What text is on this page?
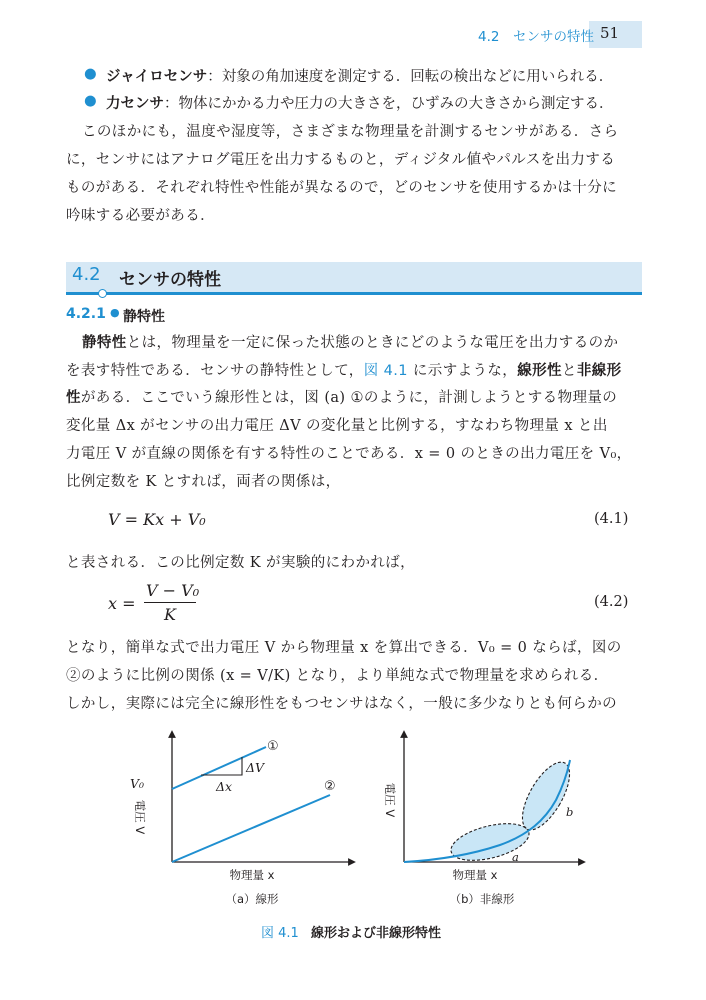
4.2　センサの特性 51
● ジャイロセンサ：対象の角加速度を測定する．回転の検出などに用いられる．
● 力センサ：物体にかかる力や圧力の大きさを，ひずみの大きさから測定する．
このほかにも，温度や湿度等，さまざまな物理量を計測するセンサがある．さら
に，センサにはアナログ電圧を出力するものと，ディジタル値やパルスを出力する
ものがある．それぞれ特性や性能が異なるので，どのセンサを使用するかは十分に
吟味する必要がある．
4.2 センサの特性
4.2.1 ● 静特性
静特性とは，物理量を一定に保った状態のときにどのような電圧を出力するのか
を表す特性である．センサの静特性として，図 4.1 に示すような，線形性と非線形
性がある．ここでいう線形性とは，図 (a) ①のように，計測しようとする物理量の
変化量 Δx がセンサの出力電圧 ΔV の変化量と比例する，すなわち物理量 x と出
力電圧 V が直線の関係を有する特性のことである．x = 0 のときの出力電圧を V₀，
比例定数を K とすれば，両者の関係は，
V = Kx + V₀	(4.1)
と表される．この比例定数 K が実験的にわかれば，
x =
V − V₀
K
(4.2)
となり，簡単な式で出力電圧 V から物理量 x を算出できる．V₀ = 0 ならば，図の
②のように比例の関係 (x = V/K) となり，より単純な式で物理量を求められる．
しかし，実際には完全に線形性をもつセンサはなく，一般に多少なりとも何らかの
V₀	Δx
ΔV
①
②
電圧 V
物理量 x
（a）線形
a
b
電圧 V
物理量 x
（b）非線形
図 4.1 線形および非線形特性
